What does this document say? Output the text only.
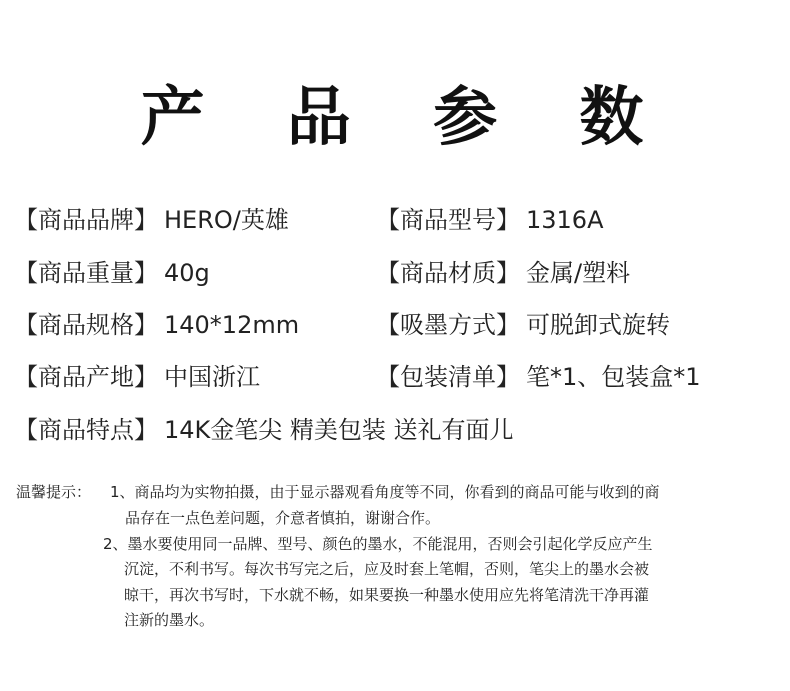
产 品 参 数
【商品品牌】 HERO/英雄	【商品型号】 1316A
【商品重量】 40g	【商品材质】 金属/塑料
【商品规格】 140*12mm	【吸墨方式】 可脱卸式旋转
【商品产地】 中国浙江	【包装清单】 笔*1、包装盒*1
【商品特点】 14K金笔尖 精美包装 送礼有面儿
温馨提示： 1、商品均为实物拍摄，由于显示器观看角度等不同，你看到的商品可能与收到的商
品存在一点色差问题，介意者慎拍，谢谢合作。
2、墨水要使用同一品牌、型号、颜色的墨水，不能混用，否则会引起化学反应产生
沉淀，不利书写。每次书写完之后，应及时套上笔帽，否则，笔尖上的墨水会被
晾干，再次书写时，下水就不畅，如果要换一种墨水使用应先将笔清洗干净再灌
注新的墨水。
